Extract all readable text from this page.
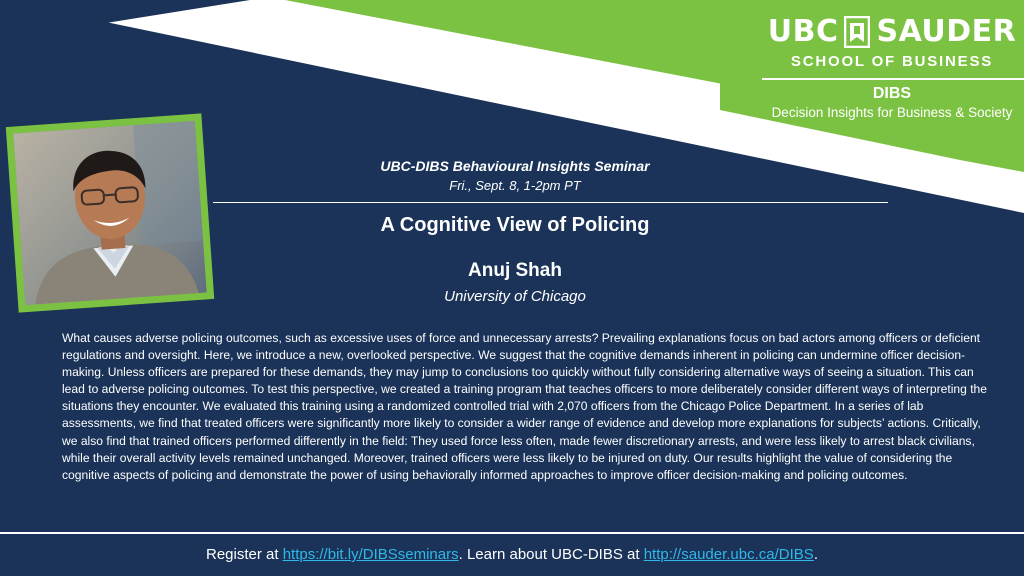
UBC SAUDER
SCHOOL OF BUSINESS
DIBS
Decision Insights for Business & Society
UBC-DIBS Behavioural Insights Seminar
Fri., Sept. 8, 1-2pm PT
A Cognitive View of Policing
Anuj Shah
University of Chicago

What causes adverse policing outcomes, such as excessive uses of force and unnecessary arrests? Prevailing explanations focus on bad actors among officers or deficient regulations and oversight. Here, we introduce a new, overlooked perspective. We suggest that the cognitive demands inherent in policing can undermine officer decision-making. Unless officers are prepared for these demands, they may jump to conclusions too quickly without fully considering alternative ways of seeing a situation. This can lead to adverse policing outcomes. To test this perspective, we created a training program that teaches officers to more deliberately consider different ways of interpreting the situations they encounter. We evaluated this training using a randomized controlled trial with 2,070 officers from the Chicago Police Department. In a series of lab assessments, we find that treated officers were significantly more likely to consider a wider range of evidence and develop more explanations for subjects’ actions. Critically, we also find that trained officers performed differently in the field: They used force less often, made fewer discretionary arrests, and were less likely to arrest black civilians, while their overall activity levels remained unchanged. Moreover, trained officers were less likely to be injured on duty. Our results highlight the value of considering the cognitive aspects of policing and demonstrate the power of using behaviorally informed approaches to improve officer decision-making and policing outcomes.

Register at https://bit.ly/DIBSseminars. Learn about UBC-DIBS at http://sauder.ubc.ca/DIBS.
